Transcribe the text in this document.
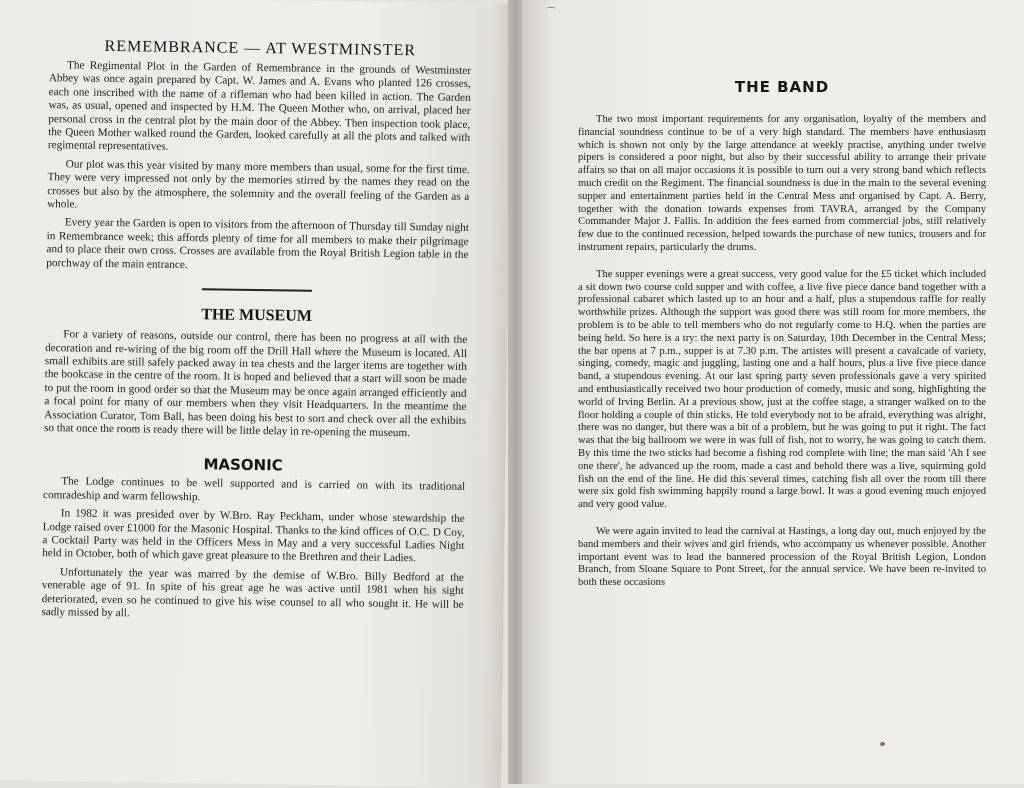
REMEMBRANCE — AT WESTMINSTER

The Regimental Plot in the Garden of Remembrance in the grounds of Westminster Abbey was once again prepared by Capt. W. James and A. Evans who planted 126 crosses, each one inscribed with the name of a rifleman who had been killed in action. The Garden was, as usual, opened and inspected by H.M. The Queen Mother who, on arrival, placed her personal cross in the central plot by the main door of the Abbey. Then inspection took place, the Queen Mother walked round the Garden, looked carefully at all the plots and talked with regimental representatives.

Our plot was this year visited by many more members than usual, some for the first time. They were very impressed not only by the memories stirred by the names they read on the crosses but also by the atmosphere, the solemnity and the overall feeling of the Garden as a whole.

Every year the Garden is open to visitors from the afternoon of Thursday till Sunday night in Remembrance week; this affords plenty of time for all members to make their pilgrimage and to place their own cross. Crosses are available from the Royal British Legion table in the porchway of the main entrance.

THE MUSEUM

For a variety of reasons, outside our control, there has been no progress at all with the decoration and re-wiring of the big room off the Drill Hall where the Museum is located. All small exhibits are still safely packed away in tea chests and the larger items are together with the bookcase in the centre of the room. It is hoped and believed that a start will soon be made to put the room in good order so that the Museum may be once again arranged efficiently and a focal point for many of our members when they visit Headquarters. In the meantime the Association Curator, Tom Ball, has been doing his best to sort and check over all the exhibits so that once the room is ready there will be little delay in re-opening the museum.

MASONIC

The Lodge continues to be well supported and is carried on with its traditional comradeship and warm fellowship.

In 1982 it was presided over by W.Bro. Ray Peckham, under whose stewardship the Lodge raised over £1000 for the Masonic Hospital. Thanks to the kind offices of O.C. D Coy, a Cocktail Party was held in the Officers Mess in May and a very successful Ladies Night held in October, both of which gave great pleasure to the Brethren and their Ladies.

Unfortunately the year was marred by the demise of W.Bro. Billy Bedford at the venerable age of 91. In spite of his great age he was active until 1981 when his sight deteriorated, even so he continued to give his wise counsel to all who sought it. He will be sadly missed by all.

THE BAND

The two most important requirements for any organisation, loyalty of the members and financial soundness continue to be of a very high standard. The members have enthusiasm which is shown not only by the large attendance at weekly practise, anything under twelve pipers is considered a poor night, but also by their successful ability to arrange their private affairs so that on all major occasions it is possible to turn out a very strong band which reflects much credit on the Regiment. The financial soundness is due in the main to the several evening supper and entertainment parties held in the Central Mess and organised by Capt. A. Berry, together with the donation towards expenses from TAVRA, arranged by the Company Commander Major J. Fallis. In addition the fees earned from commercial jobs, still relatively few due to the continued recession, helped towards the purchase of new tunics, trousers and for instrument repairs, particularly the drums.

The supper evenings were a great success, very good value for the £5 ticket which included a sit down two course cold supper and with coffee, a live five piece dance band together with a professional cabaret which lasted up to an hour and a half, plus a stupendous raffle for really worthwhile prizes. Although the support was good there was still room for more members, the problem is to be able to tell members who do not regularly come to H.Q. when the parties are being held. So here is a try: the next party is on Saturday, 10th December in the Central Mess; the bar opens at 7 p.m., supper is at 7.30 p.m. The artistes will present a cavalcade of variety, singing, comedy, magic and juggling, lasting one and a half hours, plus a live five piece dance band, a stupendous evening. At our last spring party seven professionals gave a very spirited and enthusiastically received two hour production of comedy, music and song, highlighting the world of Irving Berlin. At a previous show, just at the coffee stage, a stranger walked on to the floor holding a couple of thin sticks. He told everybody not to be afraid, everything was alright, there was no danger, but there was a bit of a problem, but he was going to put it right. The fact was that the big ballroom we were in was full of fish, not to worry, he was going to catch them. By this time the two sticks had become a fishing rod complete with line; the man said 'Ah I see one there', he advanced up the room, made a cast and behold there was a live, squirming gold fish on the end of the line. He did this several times, catching fish all over the room till there were six gold fish swimming happily round a large bowl. It was a good evening much enjoyed and very good value.

We were again invited to lead the carnival at Hastings, a long day out, much enjoyed by the band members and their wives and girl friends, who accompany us whenever possible. Another important event was to lead the bannered procession of the Royal British Legion, London Branch, from Sloane Square to Pont Street, for the annual service. We have been re-invited to both these occasions

⌒
